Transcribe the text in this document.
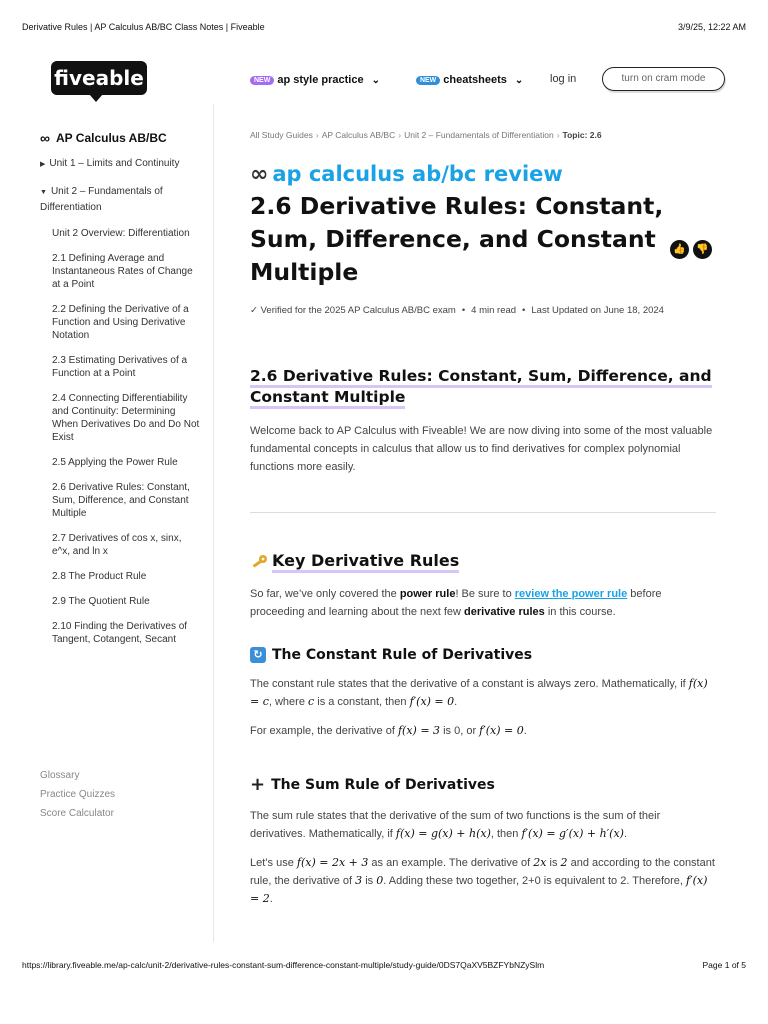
Derivative Rules | AP Calculus AB/BC Class Notes | Fiveable	3/9/25, 12:22 AM
fiveable	NEW ap style practice ⌄	NEW cheatsheets ⌄ log in	turn on cram mode
∞ AP Calculus AB/BC
▶ Unit 1 – Limits and Continuity
▼ Unit 2 – Fundamentals of Differentiation
Unit 2 Overview: Differentiation
2.1 Defining Average and Instantaneous Rates of Change at a Point
2.2 Defining the Derivative of a Function and Using Derivative Notation
2.3 Estimating Derivatives of a Function at a Point
2.4 Connecting Differentiability and Continuity: Determining When Derivatives Do and Do Not Exist
2.5 Applying the Power Rule
2.6 Derivative Rules: Constant, Sum, Difference, and Constant Multiple
2.7 Derivatives of cos x, sinx, e^x, and ln x
2.8 The Product Rule
2.9 The Quotient Rule
2.10 Finding the Derivatives of Tangent, Cotangent, Secant
Glossary
Practice Quizzes
Score Calculator
All Study Guides › AP Calculus AB/BC › Unit 2 – Fundamentals of Differentiation › Topic: 2.6
∞ ap calculus ab/bc review
2.6 Derivative Rules: Constant, Sum, Difference, and Constant Multiple
👍	👎
✓ Verified for the 2025 AP Calculus AB/BC exam • 4 min read • Last Updated on June 18, 2024
2.6 Derivative Rules: Constant, Sum, Difference, and Constant Multiple
Welcome back to AP Calculus with Fiveable! We are now diving into some of the most valuable fundamental concepts in calculus that allow us to find derivatives for complex polynomial functions more easily.
Key Derivative Rules
So far, we’ve only covered the power rule! Be sure to review the power rule before proceeding and learning about the next few derivative rules in this course.
↻ The Constant Rule of Derivatives
The constant rule states that the derivative of a constant is always zero. Mathematically, if f(x) = c, where c is a constant, then f′(x) = 0.
For example, the derivative of f(x) = 3 is 0, or f′(x) = 0.
+ The Sum Rule of Derivatives
The sum rule states that the derivative of the sum of two functions is the sum of their derivatives. Mathematically, if f(x) = g(x) + h(x), then f′(x) = g′(x) + h′(x).
Let’s use f(x) = 2x + 3 as an example. The derivative of 2x is 2 and according to the constant rule, the derivative of 3 is 0. Adding these two together, 2+0 is equivalent to 2. Therefore, f′(x) = 2.
https://library.fiveable.me/ap-calc/unit-2/derivative-rules-constant-sum-difference-constant-multiple/study-guide/0DS7QaXV5BZFYbNZySlm	Page 1 of 5
